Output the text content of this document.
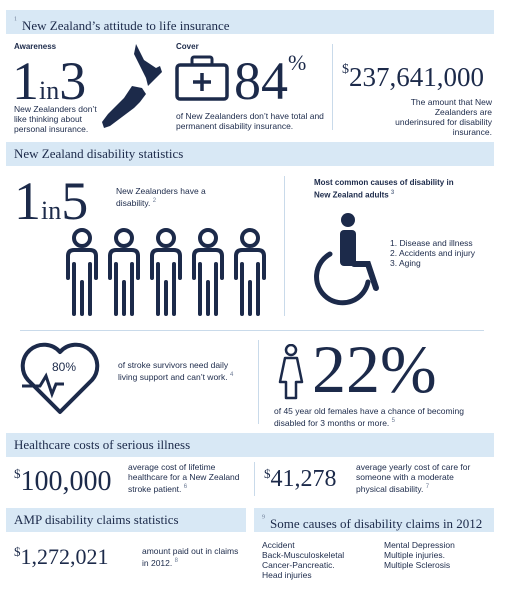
New Zealand’s attitude to life insurance
$^1$
Awareness
1in3
New Zealanders don’t like thinking about personal insurance.
Cover
84%
of New Zealanders don’t have total and permanent disability insurance.
$237,641,000
The amount that New Zealanders are underinsured for disability insurance.
New Zealand disability statistics
1in5	New Zealanders have a disability. $^2$
Most common causes of disability in New Zealand adults $^3$
1. Disease and illness
2. Accidents and injury
3. Aging
80%	of stroke survivors need daily living support and can’t work. $^4$ 22%
of 45 year old females have a chance of becoming disabled for 3 months or more. $^5$
Healthcare costs of serious illness
$100,000 average cost of lifetime healthcare for a New Zealand stroke patient. $^6$
$41,278 average yearly cost of care for someone with a moderate physical disability. $^7$
AMP disability claims statistics	Some causes of disability claims in 2012
$^9$
$1,272,021	amount paid out in claims in 2012. $^8$
Accident
Back-Musculoskeletal
Cancer-Pancreatic.
Head injuries
Mental Depression
Multiple injuries.
Multiple Sclerosis
